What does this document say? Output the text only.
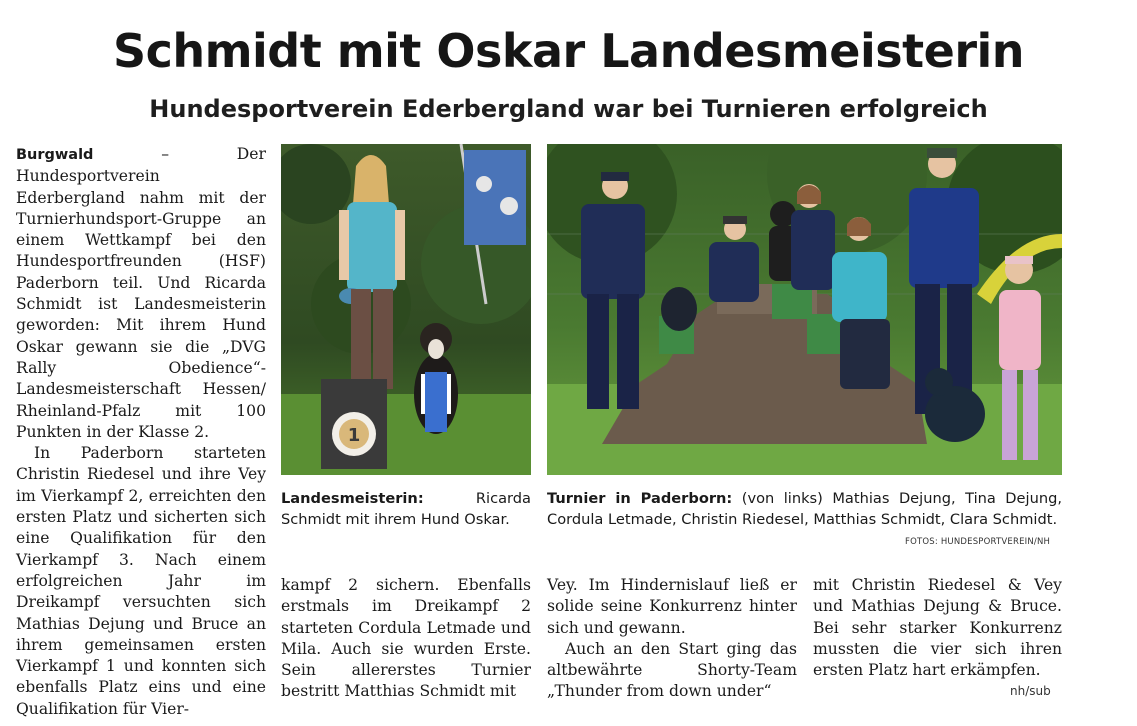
Schmidt mit Oskar Landesmeisterin
Hundesportverein Ederbergland war bei Turnieren erfolgreich

Burgwald – Der Hundesportverein Ederbergland nahm mit der Turnierhundsport-Gruppe an einem Wettkampf bei den Hundesportfreunden (HSF) Paderborn teil. Und Ricarda Schmidt ist Landesmeisterin geworden: Mit ihrem Hund Oskar gewann sie die „DVG Rally Obedience“-Landesmeisterschaft Hessen/ Rheinland-Pfalz mit 100 Punkten in der Klasse 2.

In Paderborn starteten Christin Riedesel und ihre Vey im Vierkampf 2, erreichten den ersten Platz und sicherten sich eine Qualifikation für den Vierkampf 3. Nach einem erfolgreichen Jahr im Dreikampf versuchten sich Mathias Dejung und Bruce an ihrem gemeinsamen ersten Vierkampf 1 und konnten sich ebenfalls Platz eins und eine Qualifikation für Vier-

1
Landesmeisterin: Ricarda Schmidt mit ihrem Hund Oskar.
Turnier in Paderborn: (von links) Mathias Dejung, Tina Dejung, Cordula Letmade, Christin Riedesel, Matthias Schmidt, Clara Schmidt.
FOTOS: HUNDESPORTVEREIN/NH

kampf 2 sichern. Ebenfalls erstmals im Dreikampf 2 starteten Cordula Letmade und Mila. Auch sie wurden Erste. Sein allererstes Turnier bestritt Matthias Schmidt mit

Vey. Im Hindernislauf ließ er solide seine Konkurrenz hinter sich und gewann.

Auch an den Start ging das altbewährte Shorty-Team „Thunder from down under“

mit Christin Riedesel & Vey und Mathias Dejung & Bruce. Bei sehr starker Konkurrenz mussten die vier sich ihren ersten Platz hart erkämpfen.

nh/sub
